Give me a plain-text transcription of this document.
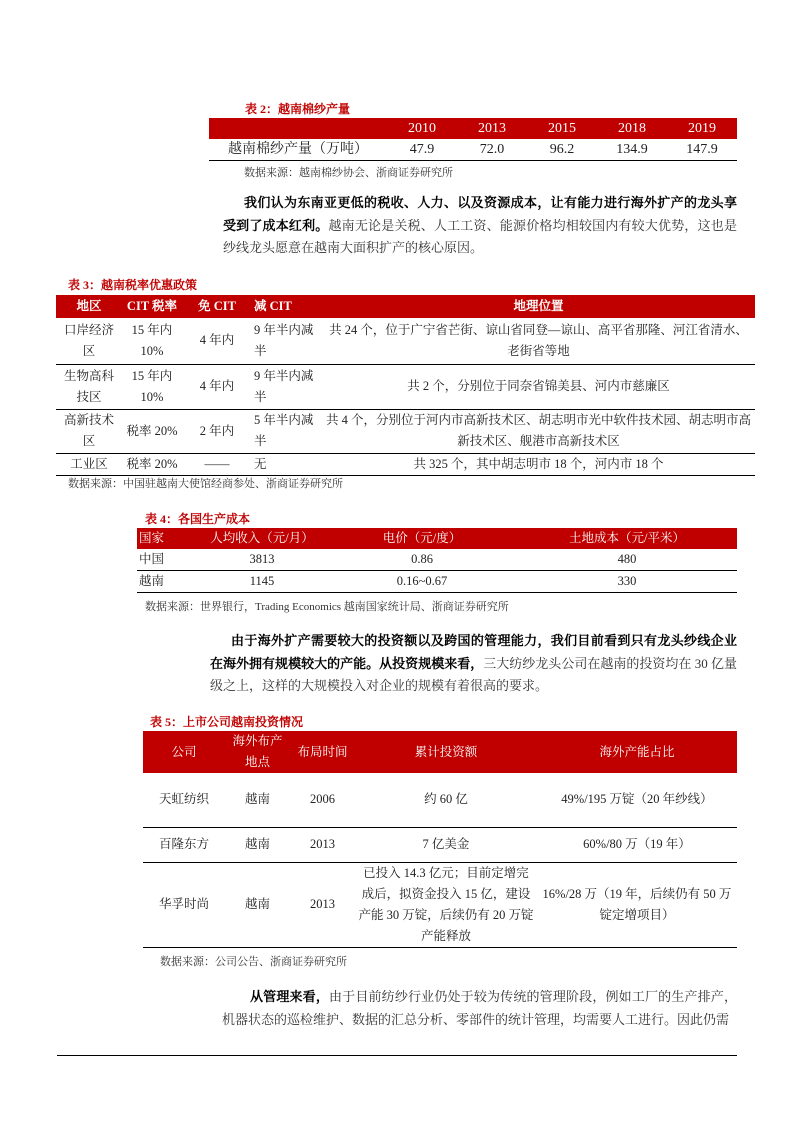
表 2：越南棉纱产量
	2010	2013	2015	2018	2019
越南棉纱产量（万吨）	47.9	72.0	96.2	134.9	147.9
数据来源：越南棉纱协会、浙商证券研究所
我们认为东南亚更低的税收、人力、以及资源成本，让有能力进行海外扩产的龙头享受到了成本红利。越南无论是关税、人工工资、能源价格均相较国内有较大优势，这也是纱线龙头愿意在越南大面积扩产的核心原因。
表 3：越南税率优惠政策
地区	CIT 税率	免 CIT	减 CIT	地理位置
口岸经济区	15 年内 10%	4 年内	9 年半内减半	共 24 个，位于广宁省芒街、谅山省同登—谅山、高平省那隆、河江省清水、老街省等地
生物高科技区	15 年内 10%	4 年内	9 年半内减半	共 2 个，分别位于同奈省锦美县、河内市慈廉区
高新技术区	税率 20%	2 年内	5 年半内减半	共 4 个，分别位于河内市高新技术区、胡志明市光中软件技术园、胡志明市高新技术区、舰港市高新技术区
工业区	税率 20%	——	无	共 325 个，其中胡志明市 18 个，河内市 18 个
数据来源：中国驻越南大使馆经商参处、浙商证券研究所
表 4：各国生产成本
国家	人均收入（元/月）	电价（元/度）	土地成本（元/平米）
中国	3813	0.86	480
越南	1145	0.16~0.67	330
数据来源：世界银行，Trading Economics 越南国家统计局、浙商证券研究所
由于海外扩产需要较大的投资额以及跨国的管理能力，我们目前看到只有龙头纱线企业在海外拥有规模较大的产能。从投资规模来看，三大纺纱龙头公司在越南的投资均在 30 亿量级之上，这样的大规模投入对企业的规模有着很高的要求。
表 5：上市公司越南投资情况
公司	海外布产地点	布局时间	累计投资额	海外产能占比
天虹纺织	越南	2006	约 60 亿	49%/195 万锭（20 年纱线）
百隆东方	越南	2013	7 亿美金	60%/80 万（19 年）
华孚时尚	越南	2013	已投入 14.3 亿元；目前定增完成后，拟资金投入 15 亿，建设产能 30 万锭，后续仍有 20 万锭产能释放	16%/28 万（19 年，后续仍有 50 万锭定增项目）
数据来源：公司公告、浙商证券研究所
从管理来看，由于目前纺纱行业仍处于较为传统的管理阶段，例如工厂的生产排产，机器状态的巡检维护、数据的汇总分析、零部件的统计管理，均需要人工进行。因此仍需
